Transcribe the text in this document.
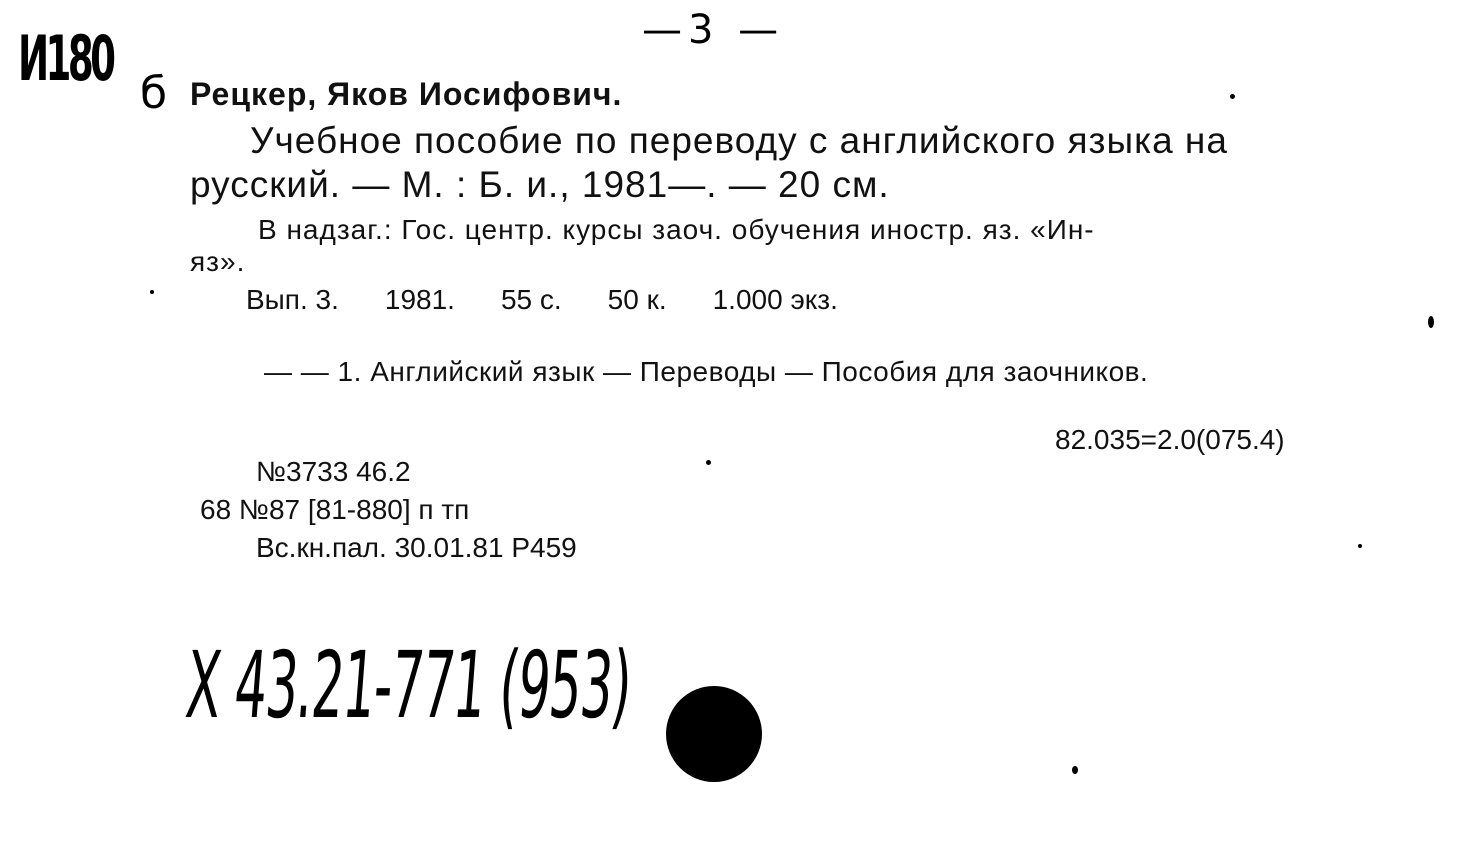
И180 б
—3 —
Рецкер, Яков Иосифович.
Учебное пособие по переводу с английского языка на
русский. — М. : Б. и., 1981—. — 20 см.
В надзаг.: Гос. центр. курсы заоч. обучения иностр. яз. «Ин-
яз».
Вып. 3. 1981. 55 с. 50 к. 1.000 экз.
— — 1. Английский язык — Переводы — Пособия для заочников.
82.035=2.0(075.4)
№3733 46.2
68 №87 [81-880] п тп
Вс.кн.пал. 30.01.81 Р459
Х 43.21-771 (953)
